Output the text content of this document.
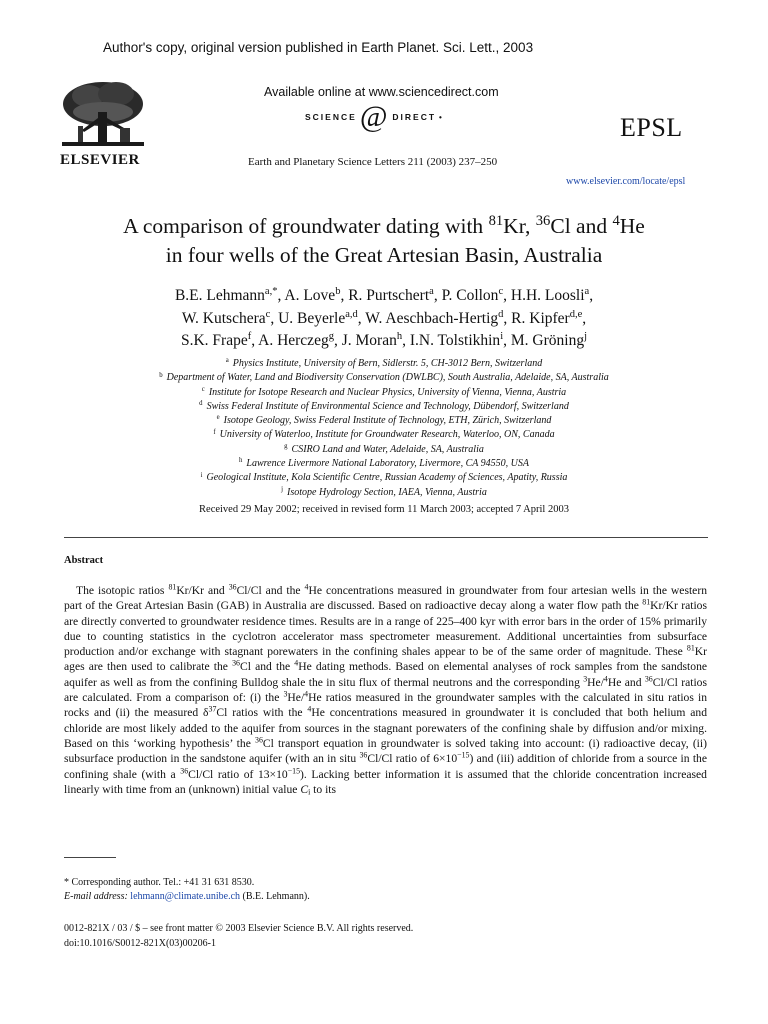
Author's copy, original version published in Earth Planet. Sci. Lett., 2003
ELSEVIER
Available online at www.sciencedirect.com
SCIENCE @ DIRECT •
Earth and Planetary Science Letters 211 (2003) 237–250
EPSL
www.elsevier.com/locate/epsl
A comparison of groundwater dating with $^{81}$Kr, $^{36}$Cl and $^4$He
in four wells of the Great Artesian Basin, Australia
B.E. Lehmann$^{a,*}$, A. Love$^b$, R. Purtschert$^a$, P. Collon$^c$, H.H. Loosli$^a$,
W. Kutschera$^c$, U. Beyerle$^{a,d}$, W. Aeschbach-Hertig$^d$, R. Kipfer$^{d,e}$,
S.K. Frape$^f$, A. Herczeg$^g$, J. Moran$^h$, I.N. Tolstikhin$^i$, M. Gröning$^j$
$^a$ Physics Institute, University of Bern, Sidlerstr. 5, CH-3012 Bern, Switzerland
$^b$ Department of Water, Land and Biodiversity Conservation (DWLBC), South Australia, Adelaide, SA, Australia
$^c$ Institute for Isotope Research and Nuclear Physics, University of Vienna, Vienna, Austria
$^d$ Swiss Federal Institute of Environmental Science and Technology, Dübendorf, Switzerland
$^e$ Isotope Geology, Swiss Federal Institute of Technology, ETH, Zürich, Switzerland
$^f$ University of Waterloo, Institute for Groundwater Research, Waterloo, ON, Canada
$^g$ CSIRO Land and Water, Adelaide, SA, Australia
$^h$ Lawrence Livermore National Laboratory, Livermore, CA 94550, USA
$^i$ Geological Institute, Kola Scientific Centre, Russian Academy of Sciences, Apatity, Russia
$^j$ Isotope Hydrology Section, IAEA, Vienna, Austria
Received 29 May 2002; received in revised form 11 March 2003; accepted 7 April 2003
Abstract
The isotopic ratios $^{81}$Kr/Kr and $^{36}$Cl/Cl and the $^4$He concentrations measured in groundwater from four artesian wells in the western part of the Great Artesian Basin (GAB) in Australia are discussed. Based on radioactive decay along a water flow path the $^{81}$Kr/Kr ratios are directly converted to groundwater residence times. Results are in a range of 225–400 kyr with error bars in the order of 15% primarily due to counting statistics in the cyclotron accelerator mass spectrometer measurement. Additional uncertainties from subsurface production and/or exchange with stagnant porewaters in the confining shales appear to be of the same order of magnitude. These $^{81}$Kr ages are then used to calibrate the $^{36}$Cl and the $^4$He dating methods. Based on elemental analyses of rock samples from the sandstone aquifer as well as from the confining Bulldog shale the in situ flux of thermal neutrons and the corresponding $^3$He/$^4$He and $^{36}$Cl/Cl ratios are calculated. From a comparison of: (i) the $^3$He/$^4$He ratios measured in the groundwater samples with the calculated in situ ratios in rocks and (ii) the measured $\delta^{37}Cl$ ratios with the $^4$He concentrations measured in groundwater it is concluded that both helium and chloride are most likely added to the aquifer from sources in the stagnant porewaters of the confining shale by diffusion and/or mixing. Based on this ‘working hypothesis’ the $^{36}$Cl transport equation in groundwater is solved taking into account: (i) radioactive decay, (ii) subsurface production in the sandstone aquifer (with an in situ $^{36}$Cl/Cl ratio of $6\times 10^{-15}$) and (iii) addition of chloride from a source in the confining shale (with a $^{36}$Cl/Cl ratio of $13\times 10^{-15}$). Lacking better information it is assumed that the chloride concentration increased linearly with time from an (unknown) initial value $C_i$ to its
* Corresponding author. Tel.: +41 31 631 8530.
E-mail address: lehmann@climate.unibe.ch (B.E. Lehmann).
0012-821X / 03 / $ – see front matter © 2003 Elsevier Science B.V. All rights reserved.
doi:10.1016/S0012-821X(03)00206-1
